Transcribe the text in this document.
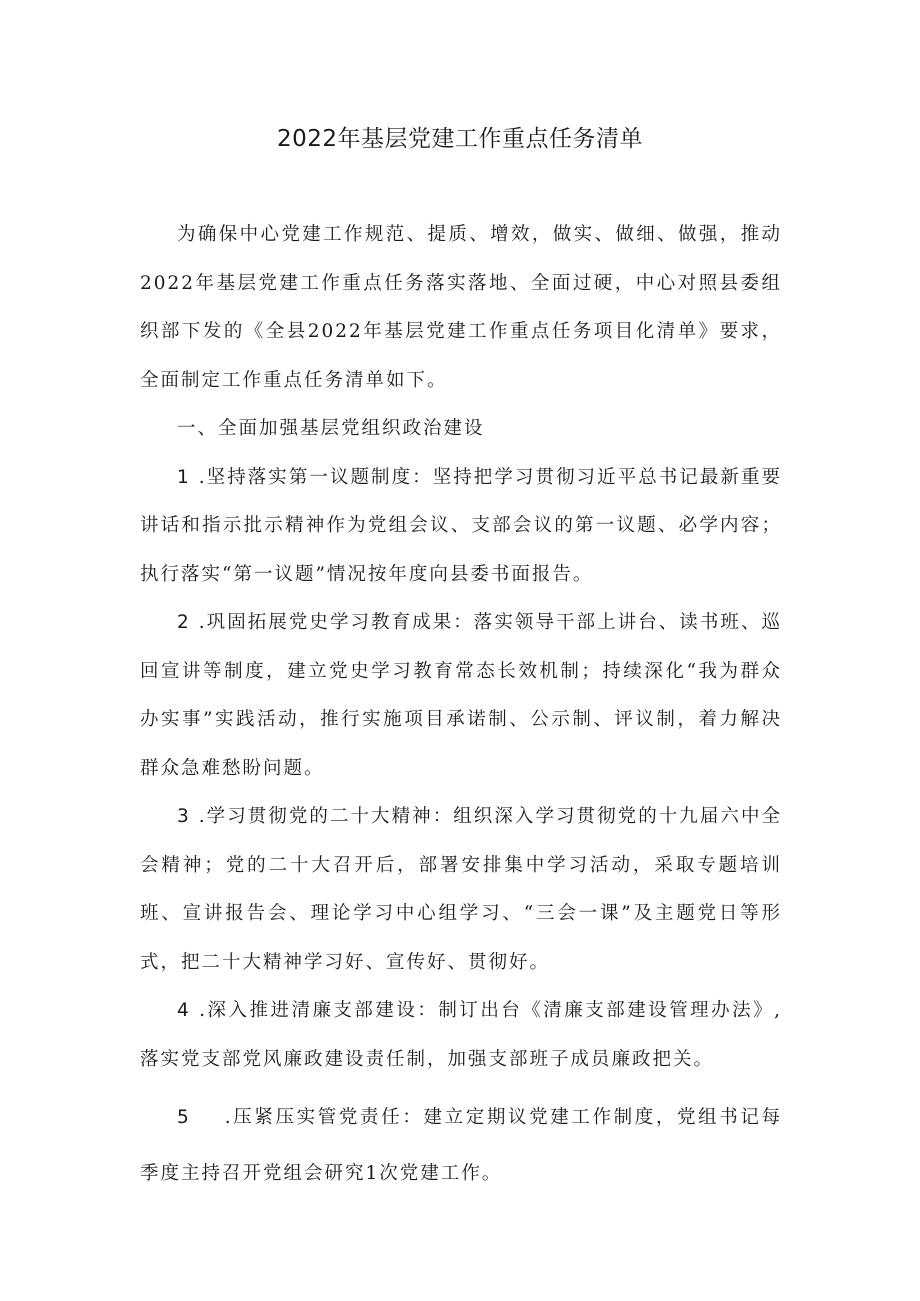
2022年基层党建工作重点任务清单

为确保中心党建工作规范、提质、增效，做实、做细、做强，推动2022年基层党建工作重点任务落实落地、全面过硬，中心对照县委组织部下发的《全县2022年基层党建工作重点任务项目化清单》要求，全面制定工作重点任务清单如下。

一、全面加强基层党组织政治建设

1 .坚持落实第一议题制度：坚持把学习贯彻习近平总书记最新重要讲话和指示批示精神作为党组会议、支部会议的第一议题、必学内容；执行落实“第一议题”情况按年度向县委书面报告。

2 .巩固拓展党史学习教育成果：落实领导干部上讲台、读书班、巡回宣讲等制度，建立党史学习教育常态长效机制；持续深化“我为群众办实事”实践活动，推行实施项目承诺制、公示制、评议制，着力解决群众急难愁盼问题。

3 .学习贯彻党的二十大精神：组织深入学习贯彻党的十九届六中全会精神；党的二十大召开后，部署安排集中学习活动，采取专题培训班、宣讲报告会、理论学习中心组学习、“三会一课”及主题党日等形式，把二十大精神学习好、宣传好、贯彻好。

4 .深入推进清廉支部建设：制订出台《清廉支部建设管理办法》,落实党支部党风廉政建设责任制，加强支部班子成员廉政把关。

5 .压紧压实管党责任：建立定期议党建工作制度，党组书记每季度主持召开党组会研究1次党建工作。
